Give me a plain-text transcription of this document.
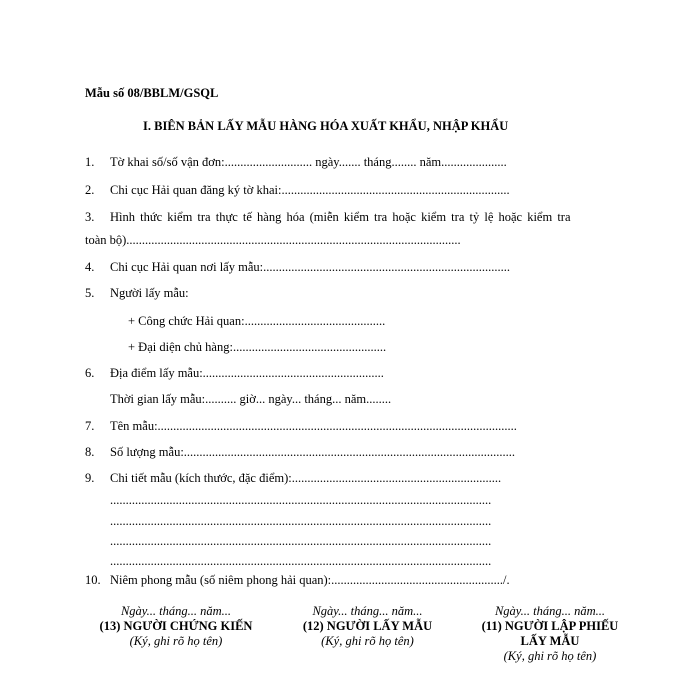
Mẫu số 08/BBLM/GSQL
I. BIÊN BẢN LẤY MẪU HÀNG HÓA XUẤT KHẨU, NHẬP KHẨU
1. Tờ khai số/số vận đơn:............................ ngày....... tháng........ năm.....................
2. Chi cục Hải quan đăng ký tờ khai:.........................................................................
3. Hình thức kiểm tra thực tế hàng hóa (miễn kiểm tra hoặc kiểm tra tỷ lệ hoặc kiểm tra
toàn bộ)...........................................................................................................
4. Chi cục Hải quan nơi lấy mẫu:...............................................................................
5. Người lấy mẫu:
+ Công chức Hải quan:.............................................
+ Đại diện chủ hàng:.................................................
6. Địa điểm lấy mẫu:..........................................................
Thời gian lấy mẫu:.......... giờ... ngày... tháng... năm........
7. Tên mẫu:...................................................................................................................
8. Số lượng mẫu:..........................................................................................................
9. Chi tiết mẫu (kích thước, đặc điểm):...................................................................
..........................................................................................................................
..........................................................................................................................
..........................................................................................................................
..........................................................................................................................
10. Niêm phong mẫu (số niêm phong hải quan):......................................................./.
Ngày... tháng... năm...
(13) NGƯỜI CHỨNG KIẾN
(Ký, ghi rõ họ tên)
Ngày... tháng... năm...
(12) NGƯỜI LẤY MẪU
(Ký, ghi rõ họ tên)
Ngày... tháng... năm...
(11) NGƯỜI LẬP PHIẾU
LẤY MẪU
(Ký, ghi rõ họ tên)
